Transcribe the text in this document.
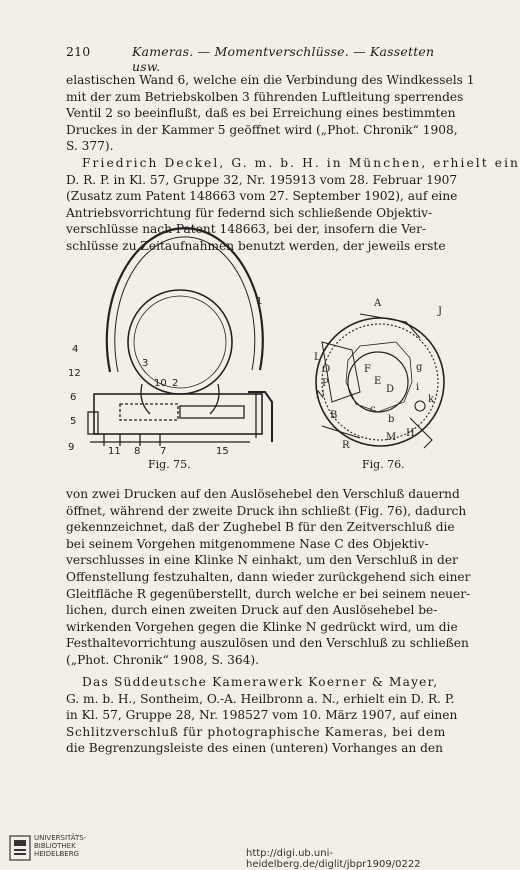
210	Kameras. — Momentverschlüsse. — Kassetten usw.
elastischen Wand 6, welche ein die Verbindung des Windkessels 1
mit der zum Betriebskolben 3 führenden Luftleitung sperrendes
Ventil 2 so beeinflußt, daß es bei Erreichung eines bestimmten
Druckes in der Kammer 5 geöffnet wird („Phot. Chronik“ 1908,
S. 377).
Friedrich Deckel, G. m. b. H. in München, erhielt ein
D. R. P. in Kl. 57, Gruppe 32, Nr. 195913 vom 28. Februar 1907
(Zusatz zum Patent 148663 vom 27. September 1902), auf eine
Antriebsvorrichtung für federnd sich schließende Objektiv-
verschlüsse nach Patent 148663, bei der, insofern die Ver-
schlüsse zu Zeitaufnahmen benutzt werden, der jeweils erste
1
4
3
12
10 2
6
5
9	11 8 7	15
A
J
L
O
P
N
F
E
D
g
i
k
B
c
b
M H
R
Fig. 75.	Fig. 76.
von zwei Drucken auf den Auslösehebel den Verschluß dauernd
öffnet, während der zweite Druck ihn schließt (Fig. 76), dadurch
gekennzeichnet, daß der Zughebel B für den Zeitverschluß die
bei seinem Vorgehen mitgenommene Nase C des Objektiv-
verschlusses in eine Klinke N einhakt, um den Verschluß in der
Offenstellung festzuhalten, dann wieder zurückgehend sich einer
Gleitfläche R gegenüberstellt, durch welche er bei seinem neuer-
lichen, durch einen zweiten Druck auf den Auslösehebel be-
wirkenden Vorgehen gegen die Klinke N gedrückt wird, um die
Festhaltevorrichtung auszulösen und den Verschluß zu schließen
(„Phot. Chronik“ 1908, S. 364).
Das Süddeutsche Kamerawerk Koerner & Mayer,
G. m. b. H., Sontheim, O.-A. Heilbronn a. N., erhielt ein D. R. P.
in Kl. 57, Gruppe 28, Nr. 198527 vom 10. März 1907, auf einen
Schlitzverschluß für photographische Kameras, bei dem
die Begrenzungsleiste des einen (unteren) Vorhanges an den
UNIVERSITÄTS-
BIBLIOTHEK
HEIDELBERG	http://digi.ub.uni-heidelberg.de/diglit/jbpr1909/0222
